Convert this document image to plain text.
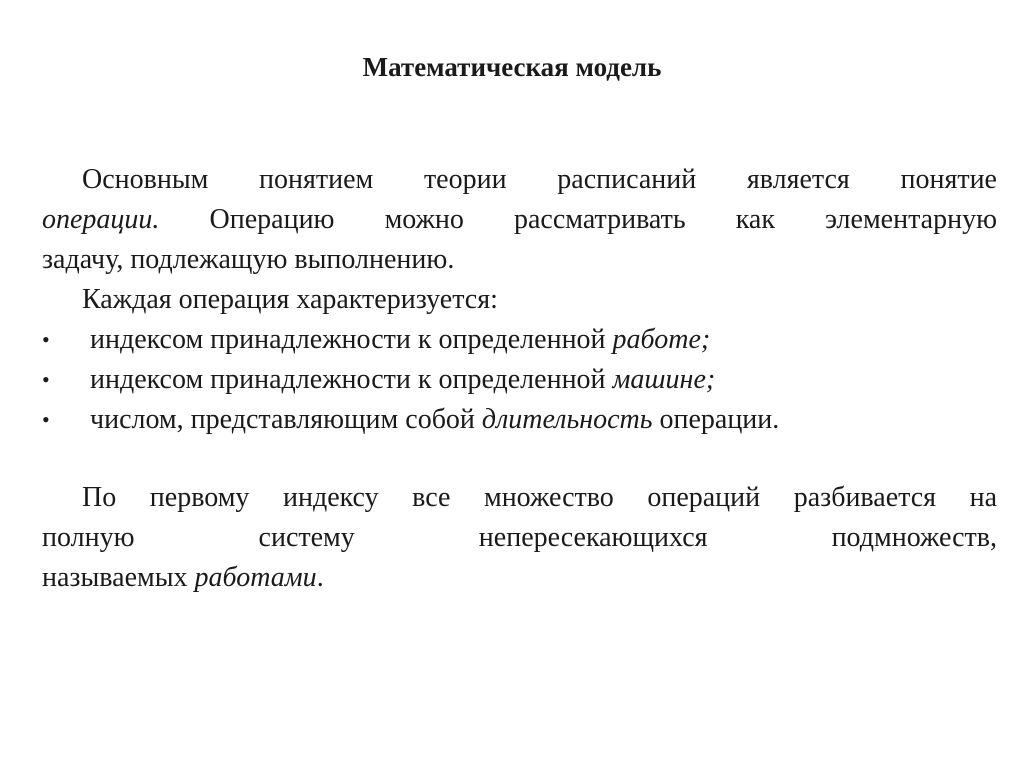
Математическая модель
Основным понятием теории расписаний является понятие
операции. Операцию можно рассматривать как элементарную
задачу, подлежащую выполнению.
Каждая операция характеризуется:
• индексом принадлежности к определенной работе;
• индексом принадлежности к определенной машине;
• числом, представляющим собой длительность операции.
По первому индексу все множество операций разбивается на
полную систему непересекающихся подмножеств,
называемых работами.
